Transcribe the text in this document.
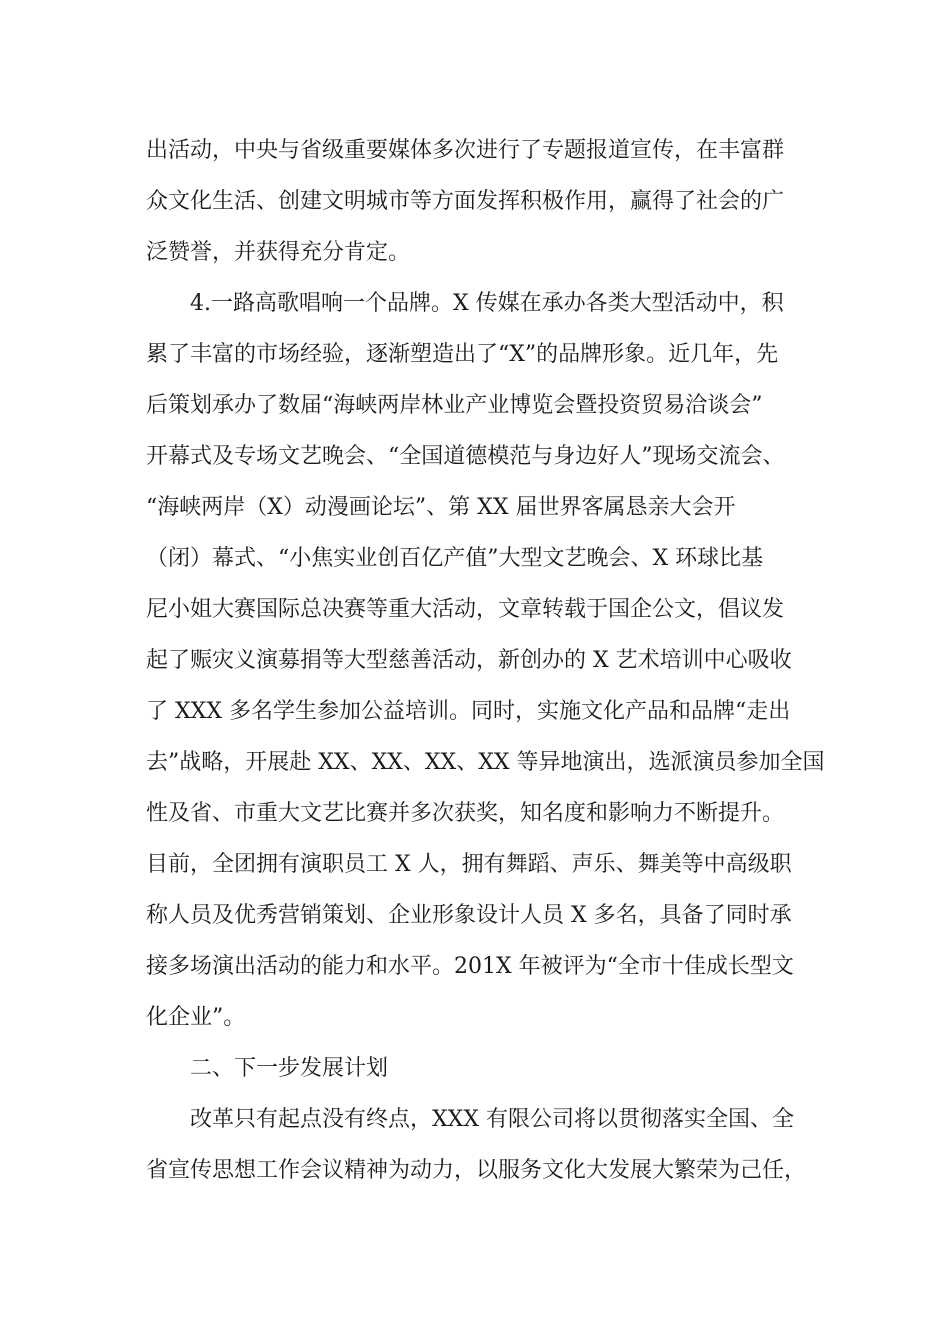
出活动，中央与省级重要媒体多次进行了专题报道宣传，在丰富群
众文化生活、创建文明城市等方面发挥积极作用，赢得了社会的广
泛赞誉，并获得充分肯定。
4.一路高歌唱响一个品牌。X 传媒在承办各类大型活动中，积
累了丰富的市场经验，逐渐塑造出了“X”的品牌形象。近几年，先
后策划承办了数届“海峡两岸林业产业博览会暨投资贸易洽谈会”
开幕式及专场文艺晚会、“全国道德模范与身边好人”现场交流会、
“海峡两岸（X）动漫画论坛”、第 XX 届世界客属恳亲大会开
（闭）幕式、“小焦实业创百亿产值”大型文艺晚会、X 环球比基
尼小姐大赛国际总决赛等重大活动，文章转载于国企公文，倡议发
起了赈灾义演募捐等大型慈善活动，新创办的 X 艺术培训中心吸收
了 XXX 多名学生参加公益培训。同时，实施文化产品和品牌“走出
去”战略，开展赴 XX、XX、XX、XX 等异地演出，选派演员参加全国
性及省、市重大文艺比赛并多次获奖，知名度和影响力不断提升。
目前，全团拥有演职员工 X 人，拥有舞蹈、声乐、舞美等中高级职
称人员及优秀营销策划、企业形象设计人员 X 多名，具备了同时承
接多场演出活动的能力和水平。201X 年被评为“全市十佳成长型文
化企业”。
二、下一步发展计划
改革只有起点没有终点，XXX 有限公司将以贯彻落实全国、全
省宣传思想工作会议精神为动力，以服务文化大发展大繁荣为己任，
